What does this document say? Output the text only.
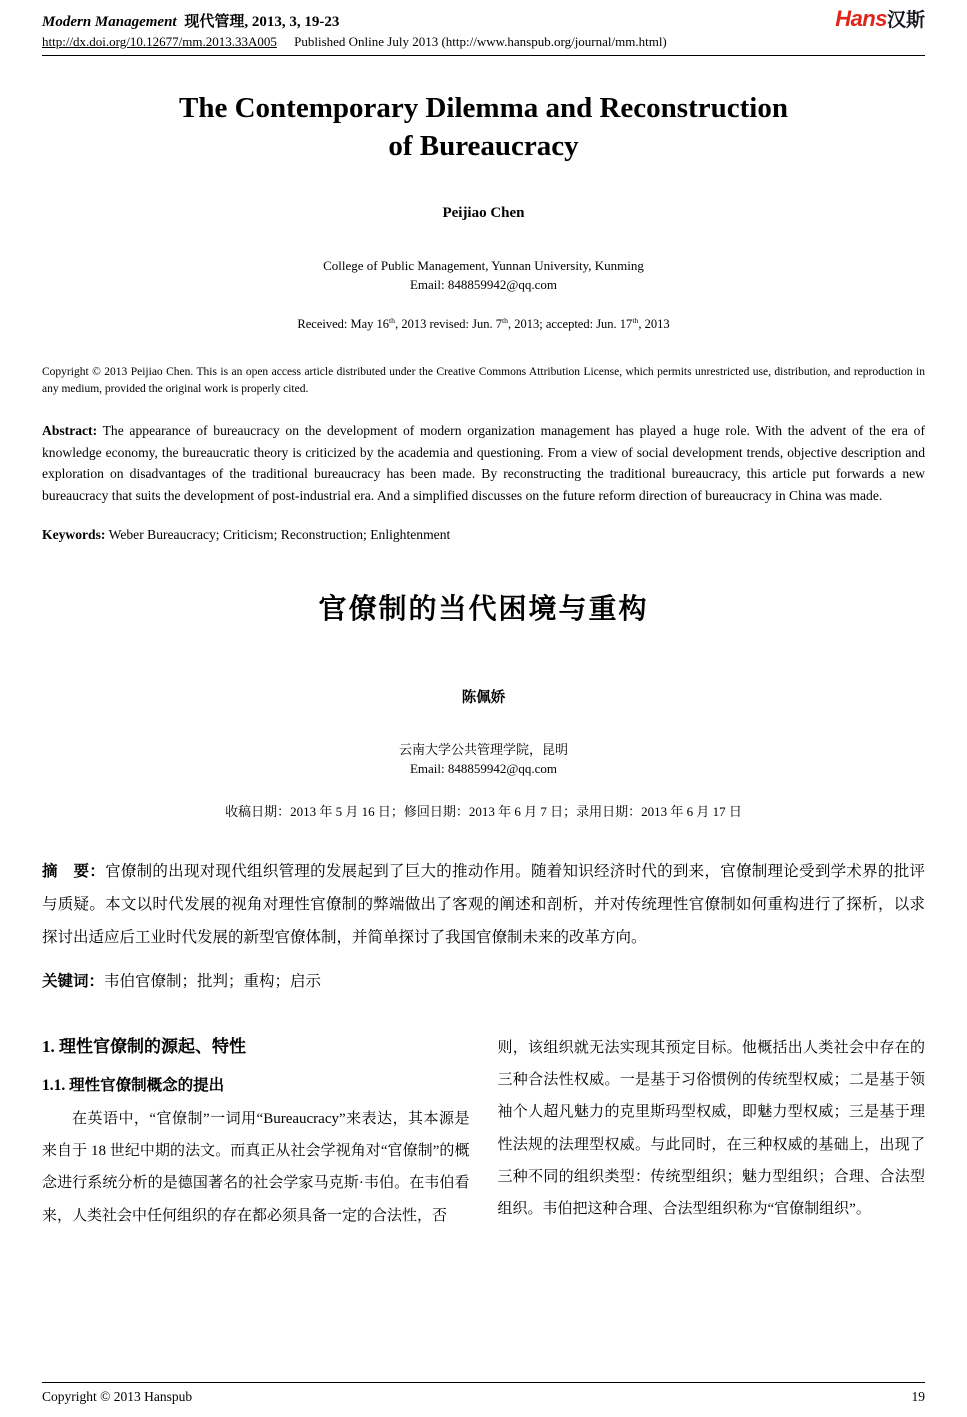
Modern Management 现代管理, 2013, 3, 19-23	Hans汉斯
http://dx.doi.org/10.12677/mm.2013.33A005 Published Online July 2013 (http://www.hanspub.org/journal/mm.html)
The Contemporary Dilemma and Reconstruction
of Bureaucracy

Peijiao Chen

College of Public Management, Yunnan University, Kunming
Email: 848859942@qq.com

Received: May 16th, 2013 revised: Jun. 7th, 2013; accepted: Jun. 17th, 2013

Copyright © 2013 Peijiao Chen. This is an open access article distributed under the Creative Commons Attribution License, which permits unrestricted use, distribution, and reproduction in any medium, provided the original work is properly cited.

Abstract: The appearance of bureaucracy on the development of modern organization management has played a huge role. With the advent of the era of knowledge economy, the bureaucratic theory is criticized by the academia and questioning. From a view of social development trends, objective description and exploration on disadvantages of the traditional bureaucracy has been made. By reconstructing the traditional bureaucracy, this article put forwards a new bureaucracy that suits the development of post-industrial era. And a simplified discusses on the future reform direction of bureaucracy in China was made.

Keywords: Weber Bureaucracy; Criticism; Reconstruction; Enlightenment

官僚制的当代困境与重构

陈佩娇

云南大学公共管理学院，昆明
Email: 848859942@qq.com

收稿日期：2013 年 5 月 16 日；修回日期：2013 年 6 月 7 日；录用日期：2013 年 6 月 17 日

摘　要：官僚制的出现对现代组织管理的发展起到了巨大的推动作用。随着知识经济时代的到来，官僚制理论受到学术界的批评与质疑。本文以时代发展的视角对理性官僚制的弊端做出了客观的阐述和剖析，并对传统理性官僚制如何重构进行了探析，以求探讨出适应后工业时代发展的新型官僚体制，并简单探讨了我国官僚制未来的改革方向。

关键词：韦伯官僚制；批判；重构；启示

1. 理性官僚制的源起、特性
1.1. 理性官僚制概念的提出

在英语中，“官僚制”一词用“Bureaucracy”来表达，其本源是来自于 18 世纪中期的法文。而真正从社会学视角对“官僚制”的概念进行系统分析的是德国著名的社会学家马克斯·韦伯。在韦伯看来，人类社会中任何组织的存在都必须具备一定的合法性，否

则，该组织就无法实现其预定目标。他概括出人类社会中存在的三种合法性权威。一是基于习俗惯例的传统型权威；二是基于领袖个人超凡魅力的克里斯玛型权威，即魅力型权威；三是基于理性法规的法理型权威。与此同时，在三种权威的基础上，出现了三种不同的组织类型：传统型组织；魅力型组织；合理、合法型组织。韦伯把这种合理、合法型组织称为“官僚制组织”。

Copyright © 2013 Hanspub	19
